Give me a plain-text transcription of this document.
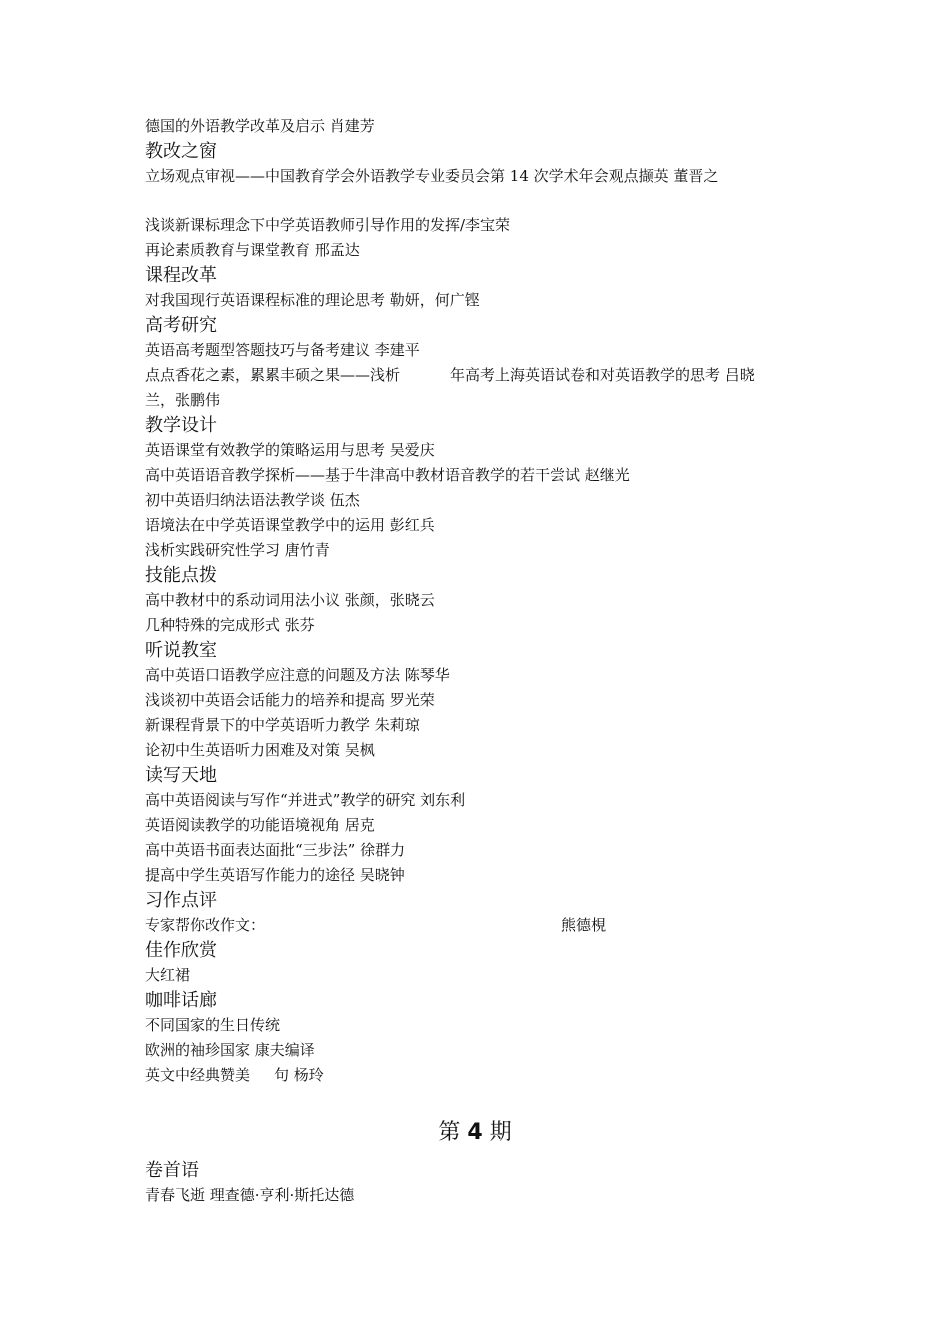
德国的外语教学改革及启示 肖建芳
教改之窗
立场观点审视——中国教育学会外语教学专业委员会第 14 次学术年会观点撷英 董晋之
浅谈新课标理念下中学英语教师引导作用的发挥/李宝荣
再论素质教育与课堂教育 邢孟达
课程改革
对我国现行英语课程标准的理论思考 勒妍，何广铿
高考研究
英语高考题型答题技巧与备考建议 李建平
点点香花之素，累累丰硕之果——浅析	年高考上海英语试卷和对英语教学的思考 吕晓
兰，张鹏伟
教学设计
英语课堂有效教学的策略运用与思考 吴爱庆
高中英语语音教学探析——基于牛津高中教材语音教学的若干尝试 赵继光
初中英语归纳法语法教学谈 伍杰
语境法在中学英语课堂教学中的运用 彭红兵
浅析实践研究性学习 唐竹青
技能点拨
高中教材中的系动词用法小议 张颜，张晓云
几种特殊的完成形式 张芬
听说教室
高中英语口语教学应注意的问题及方法 陈琴华
浅谈初中英语会话能力的培养和提高 罗光荣
新课程背景下的中学英语听力教学 朱莉琼
论初中生英语听力困难及对策 吴枫
读写天地
高中英语阅读与写作“并进式”教学的研究 刘东利
英语阅读教学的功能语境视角 居克
高中英语书面表达面批“三步法” 徐群力
提高中学生英语写作能力的途径 吴晓钟
习作点评
专家帮你改作文：	熊德梘
佳作欣赏
大红裙
咖啡话廊
不同国家的生日传统
欧洲的袖珍国家 康夫编译
英文中经典赞美 句 杨玲
第 4 期
卷首语
青春飞逝 理查德·亨利·斯托达德
